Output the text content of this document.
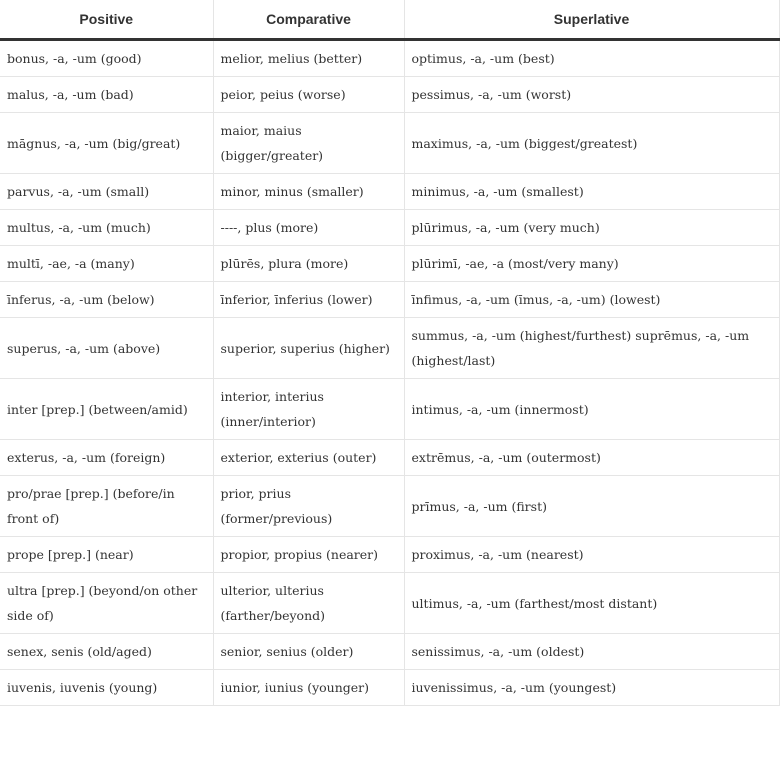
Positive	Comparative	Superlative
bonus, -a, -um (good)	melior, melius (better)	optimus, -a, -um (best)
malus, -a, -um (bad)	peior, peius (worse)	pessimus, -a, -um (worst)
māgnus, -a, -um (big/great)	maior, maius (bigger/greater)	maximus, -a, -um (biggest/greatest)
parvus, -a, -um (small)	minor, minus (smaller)	minimus, -a, -um (smallest)
multus, -a, -um (much)	----, plus (more)	plūrimus, -a, -um (very much)
multī, -ae, -a (many)	plūrēs, plura (more)	plūrimī, -ae, -a (most/very many)
īnferus, -a, -um (below)	īnferior, īnferius (lower)	īnfimus, -a, -um (īmus, -a, -um) (lowest)
superus, -a, -um (above)	superior, superius (higher)	summus, -a, -um (highest/furthest) suprēmus, -a, -um (highest/last)
inter [prep.] (between/amid)	interior, interius (inner/interior)	intimus, -a, -um (innermost)
exterus, -a, -um (foreign)	exterior, exterius (outer)	extrēmus, -a, -um (outermost)
pro/prae [prep.] (before/in front of)	prior, prius (former/previous)	prīmus, -a, -um (first)
prope [prep.] (near)	propior, propius (nearer)	proximus, -a, -um (nearest)
ultra [prep.] (beyond/on other side of)	ulterior, ulterius (farther/beyond)	ultimus, -a, -um (farthest/most distant)
senex, senis (old/aged)	senior, senius (older)	senissimus, -a, -um (oldest)
iuvenis, iuvenis (young)	iunior, iunius (younger)	iuvenissimus, -a, -um (youngest)
